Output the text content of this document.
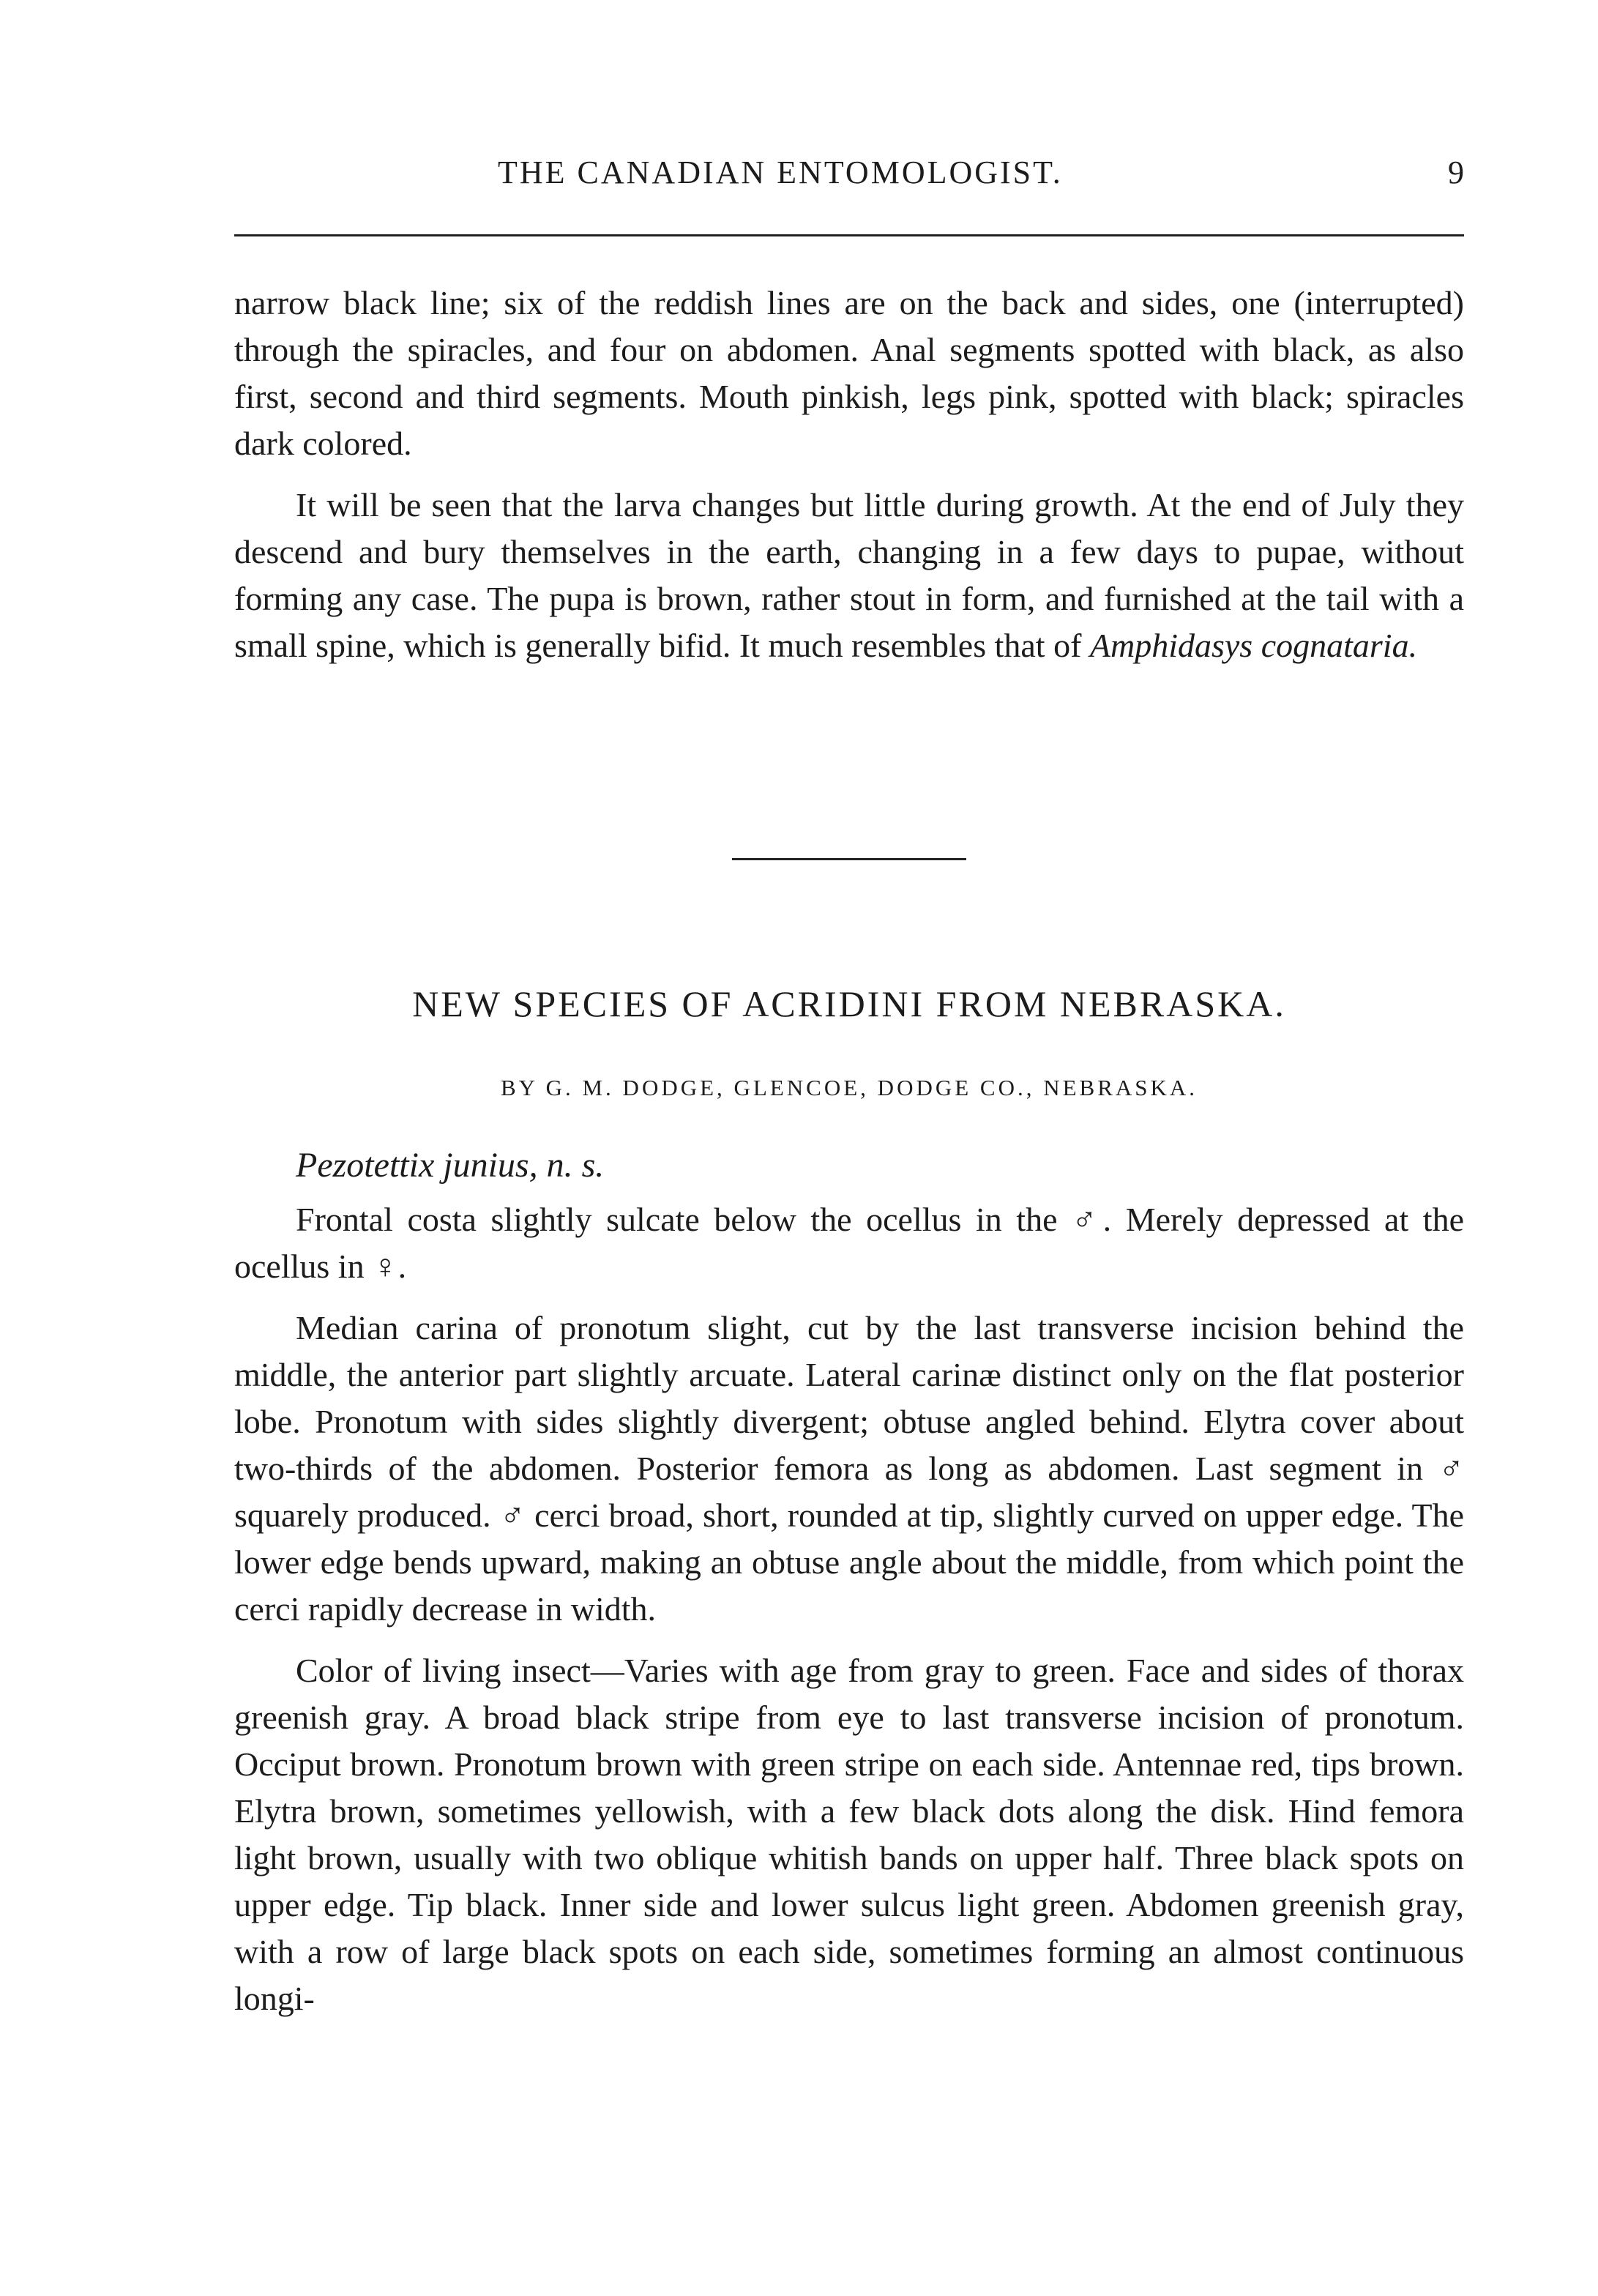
THE CANADIAN ENTOMOLOGIST.	9

narrow black line; six of the reddish lines are on the back and sides, one (interrupted) through the spiracles, and four on abdomen. Anal segments spotted with black, as also first, second and third segments. Mouth pinkish, legs pink, spotted with black; spiracles dark colored.

It will be seen that the larva changes but little during growth. At the end of July they descend and bury themselves in the earth, changing in a few days to pupae, without forming any case. The pupa is brown, rather stout in form, and furnished at the tail with a small spine, which is generally bifid. It much resembles that of Amphidasys cognataria.

NEW SPECIES OF ACRIDINI FROM NEBRASKA.
BY G. M. DODGE, GLENCOE, DODGE CO., NEBRASKA.
Pezotettix junius, n. s.

Frontal costa slightly sulcate below the ocellus in the ♂. Merely depressed at the ocellus in ♀.

Median carina of pronotum slight, cut by the last transverse incision behind the middle, the anterior part slightly arcuate. Lateral carinæ distinct only on the flat posterior lobe. Pronotum with sides slightly divergent; obtuse angled behind. Elytra cover about two-thirds of the abdomen. Posterior femora as long as abdomen. Last segment in ♂ squarely produced. ♂ cerci broad, short, rounded at tip, slightly curved on upper edge. The lower edge bends upward, making an obtuse angle about the middle, from which point the cerci rapidly decrease in width.

Color of living insect—Varies with age from gray to green. Face and sides of thorax greenish gray. A broad black stripe from eye to last transverse incision of pronotum. Occiput brown. Pronotum brown with green stripe on each side. Antennae red, tips brown. Elytra brown, sometimes yellowish, with a few black dots along the disk. Hind femora light brown, usually with two oblique whitish bands on upper half. Three black spots on upper edge. Tip black. Inner side and lower sulcus light green. Abdomen greenish gray, with a row of large black spots on each side, sometimes forming an almost continuous longi-
